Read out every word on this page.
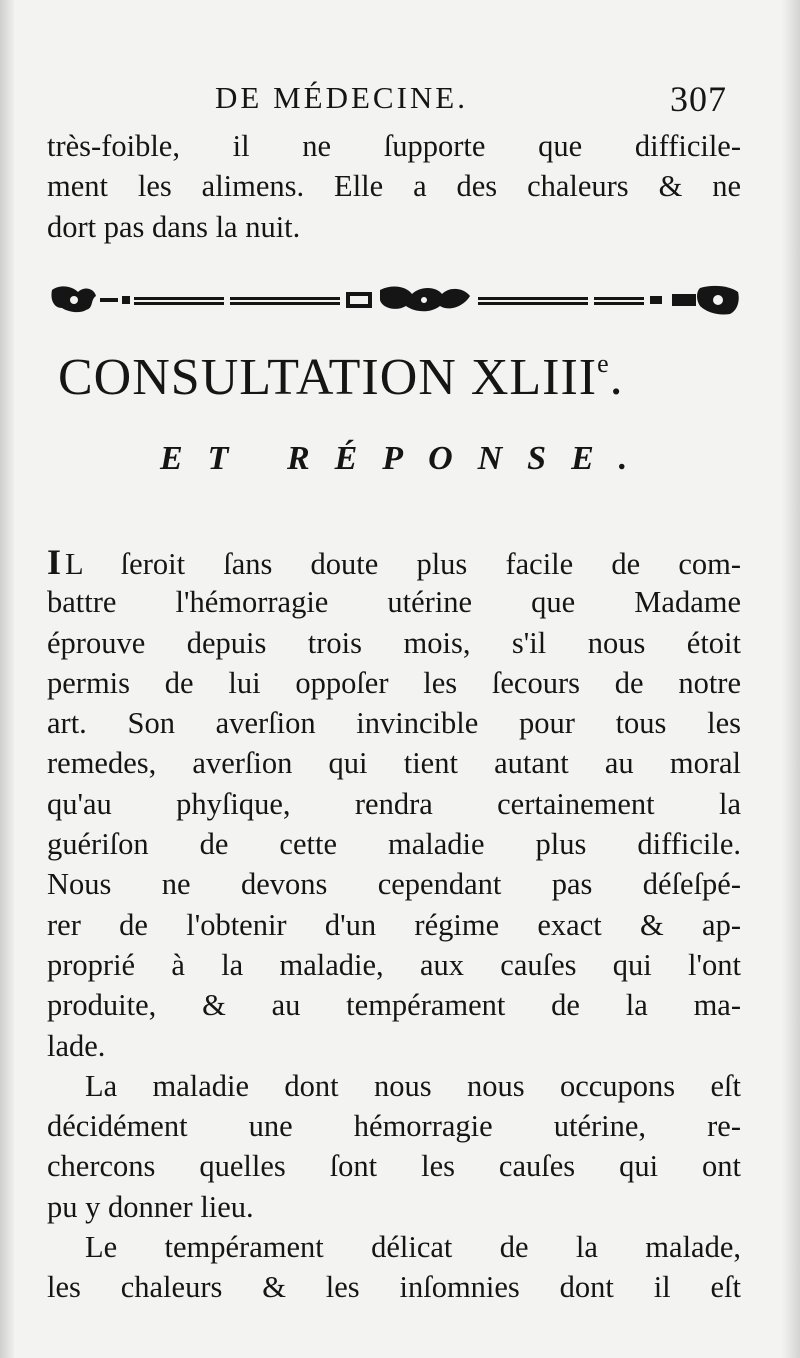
DE MÉDECINE.	307
très-foible, il ne ſupporte que difficile-
ment les alimens. Elle a des chaleurs & ne
dort pas dans la nuit.
CONSULTATION XLIIIe.
ET RÉPONSE.
I L ſeroit ſans doute plus facile de com-
battre l'hémorragie utérine que Madame
éprouve depuis trois mois, s'il nous étoit
permis de lui oppoſer les ſecours de notre
art. Son averſion invincible pour tous les
remedes, averſion qui tient autant au moral
qu'au phyſique, rendra certainement la
guériſon de cette maladie plus difficile.
Nous ne devons cependant pas déſeſpé-
rer de l'obtenir d'un régime exact & ap-
proprié à la maladie, aux cauſes qui l'ont
produite, & au tempérament de la ma-
lade.
La maladie dont nous nous occupons eſt
décidément une hémorragie utérine, re-
chercons quelles ſont les cauſes qui ont
pu y donner lieu.
Le tempérament délicat de la malade,
les chaleurs & les inſomnies dont il eſt
